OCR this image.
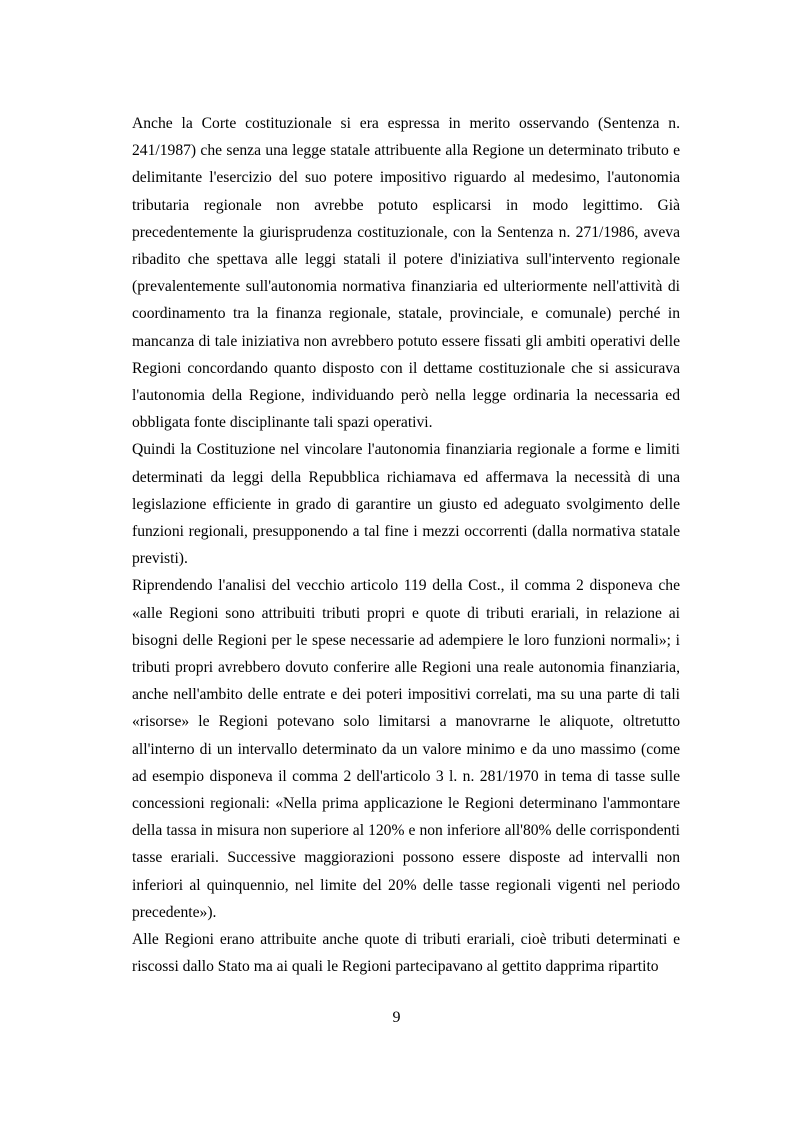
Anche la Corte costituzionale si era espressa in merito osservando (Sentenza n. 241/1987) che senza una legge statale attribuente alla Regione un determinato tributo e delimitante l'esercizio del suo potere impositivo riguardo al medesimo, l'autonomia tributaria regionale non avrebbe potuto esplicarsi in modo legittimo. Già precedentemente la giurisprudenza costituzionale, con la Sentenza n. 271/1986, aveva ribadito che spettava alle leggi statali il potere d'iniziativa sull'intervento regionale (prevalentemente sull'autonomia normativa finanziaria ed ulteriormente nell'attività di coordinamento tra la finanza regionale, statale, provinciale, e comunale) perché in mancanza di tale iniziativa non avrebbero potuto essere fissati gli ambiti operativi delle Regioni concordando quanto disposto con il dettame costituzionale che si assicurava l'autonomia della Regione, individuando però nella legge ordinaria la necessaria ed obbligata fonte disciplinante tali spazi operativi.

Quindi la Costituzione nel vincolare l'autonomia finanziaria regionale a forme e limiti determinati da leggi della Repubblica richiamava ed affermava la necessità di una legislazione efficiente in grado di garantire un giusto ed adeguato svolgimento delle funzioni regionali, presupponendo a tal fine i mezzi occorrenti (dalla normativa statale previsti).

Riprendendo l'analisi del vecchio articolo 119 della Cost., il comma 2 disponeva che «alle Regioni sono attribuiti tributi propri e quote di tributi erariali, in relazione ai bisogni delle Regioni per le spese necessarie ad adempiere le loro funzioni normali»; i tributi propri avrebbero dovuto conferire alle Regioni una reale autonomia finanziaria, anche nell'ambito delle entrate e dei poteri impositivi correlati, ma su una parte di tali «risorse» le Regioni potevano solo limitarsi a manovrarne le aliquote, oltretutto all'interno di un intervallo determinato da un valore minimo e da uno massimo (come ad esempio disponeva il comma 2 dell'articolo 3 l. n. 281/1970 in tema di tasse sulle concessioni regionali: «Nella prima applicazione le Regioni determinano l'ammontare della tassa in misura non superiore al 120% e non inferiore all'80% delle corrispondenti tasse erariali. Successive maggiorazioni possono essere disposte ad intervalli non inferiori al quinquennio, nel limite del 20% delle tasse regionali vigenti nel periodo precedente»).

Alle Regioni erano attribuite anche quote di tributi erariali, cioè tributi determinati e riscossi dallo Stato ma ai quali le Regioni partecipavano al gettito dapprima ripartito

9
